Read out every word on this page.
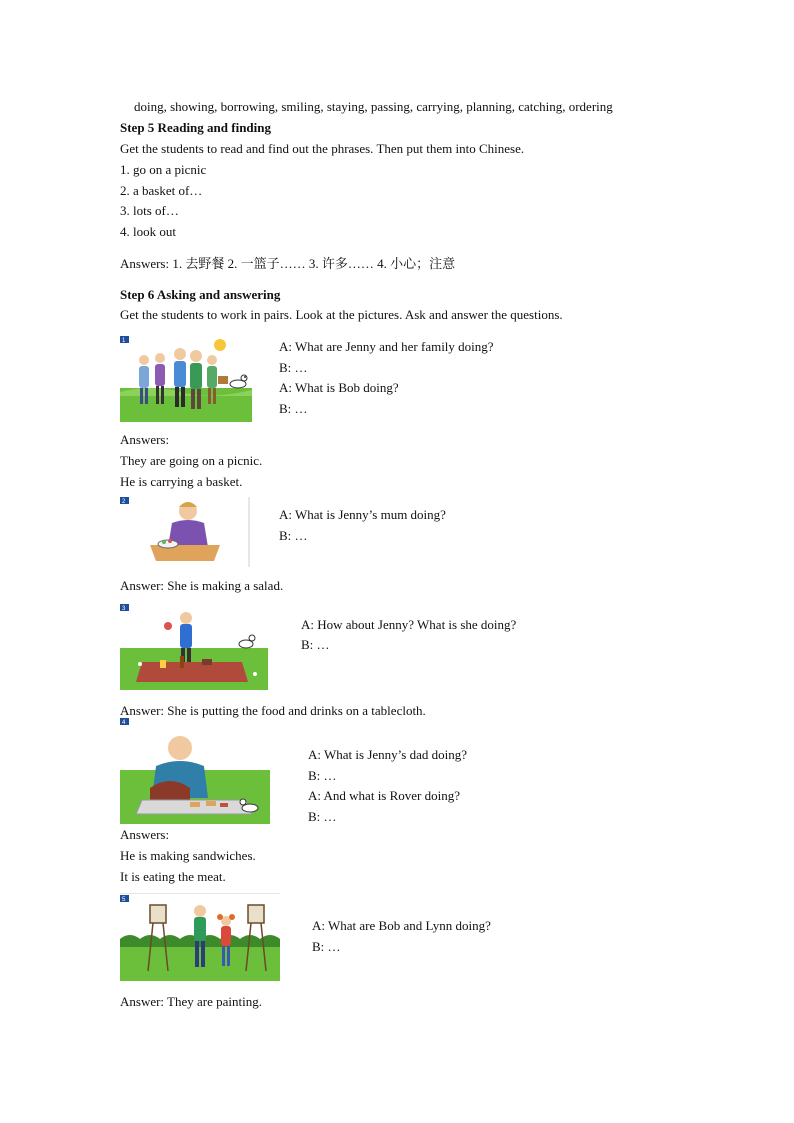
doing, showing, borrowing, smiling, staying, passing, carrying, planning, catching, ordering
Step 5 Reading and finding
Get the students to read and find out the phrases. Then put them into Chinese.
1. go on a picnic
2. a basket of…
3. lots of…
4. look out
Answers: 1. 去野餐 2. 一篮子…… 3. 许多…… 4. 小心；注意
Step 6 Asking and answering
Get the students to work in pairs. Look at the pictures. Ask and answer the questions.
1	A: What are Jenny and her family doing?
B: …
A: What is Bob doing?
B: …
Answers:
They are going on a picnic.
He is carrying a basket.
2
A: What is Jenny’s mum doing?
B: …
Answer: She is making a salad.
3
A: How about Jenny? What is she doing?
B: …
Answer: She is putting the food and drinks on a tablecloth.
4
A: What is Jenny’s dad doing?
B: …
A: And what is Rover doing?
B: …
Answers:
He is making sandwiches.
It is eating the meat.
5
A: What are Bob and Lynn doing?
B: …
Answer: They are painting.
